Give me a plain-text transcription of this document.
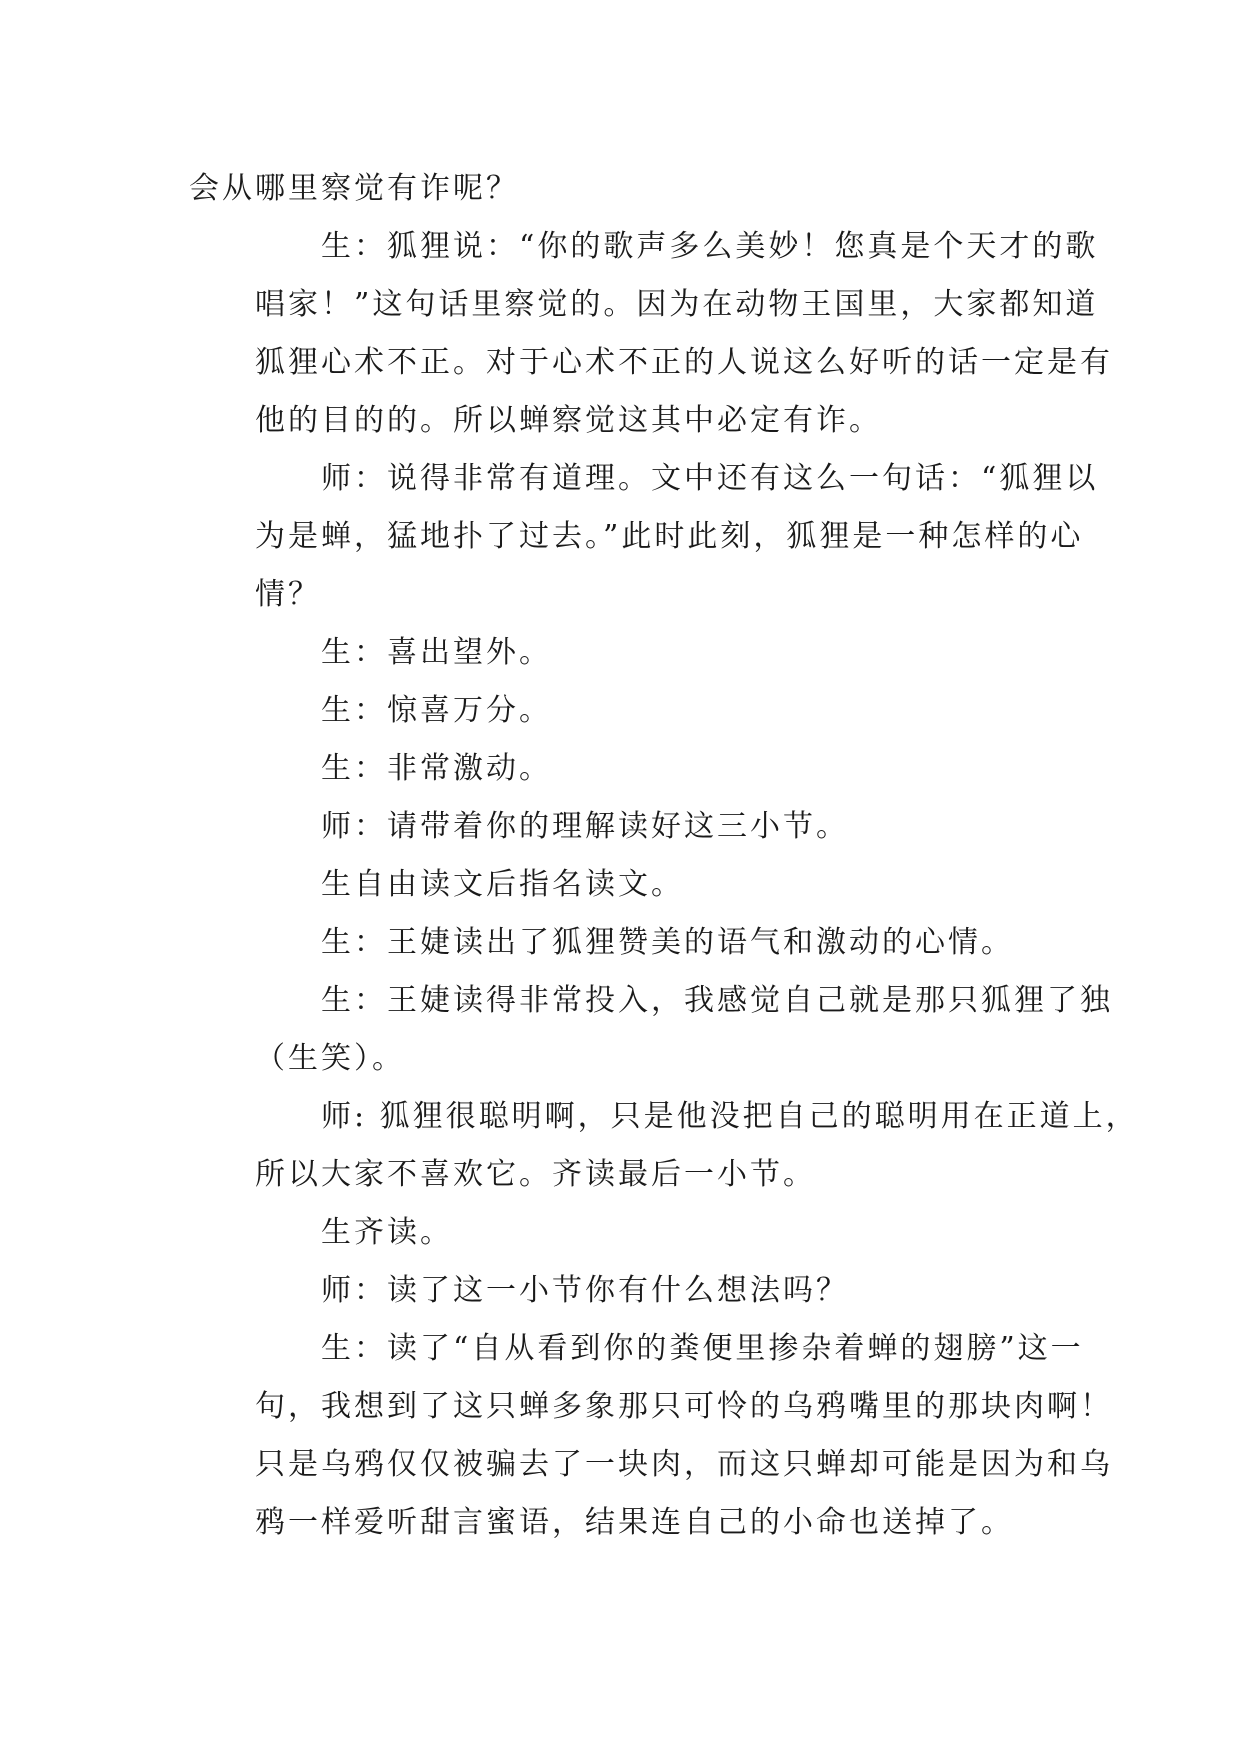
会从哪里察觉有诈呢？

生：狐狸说：“你的歌声多么美妙！您真是个天才的歌
唱家！”这句话里察觉的。因为在动物王国里，大家都知道
狐狸心术不正。对于心术不正的人说这么好听的话一定是有
他的目的的。所以蝉察觉这其中必定有诈。

师：说得非常有道理。文中还有这么一句话：“狐狸以
为是蝉，猛地扑了过去。”此时此刻，狐狸是一种怎样的心
情？

生：喜出望外。

生：惊喜万分。

生：非常激动。

师：请带着你的理解读好这三小节。

生自由读文后指名读文。

生：王婕读出了狐狸赞美的语气和激动的心情。

生：王婕读得非常投入，我感觉自己就是那只狐狸了独
（生笑）。

师: 狐狸很聪明啊，只是他没把自己的聪明用在正道上，
所以大家不喜欢它。齐读最后一小节。

生齐读。

师：读了这一小节你有什么想法吗？

生：读了“自从看到你的粪便里掺杂着蝉的翅膀”这一
句，我想到了这只蝉多象那只可怜的乌鸦嘴里的那块肉啊！
只是乌鸦仅仅被骗去了一块肉，而这只蝉却可能是因为和乌
鸦一样爱听甜言蜜语，结果连自己的小命也送掉了。
